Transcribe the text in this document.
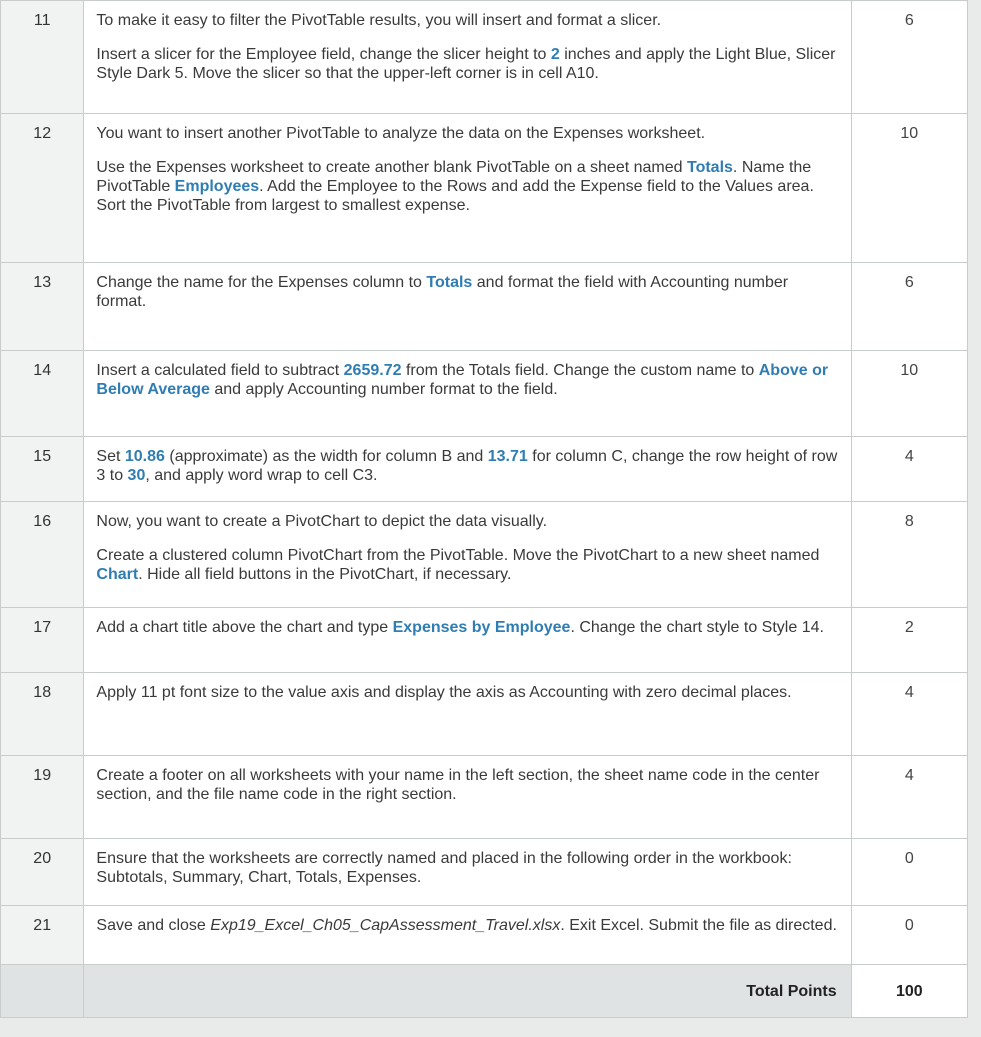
11	To make it easy to filter the PivotTable results, you will insert and format a slicer.

Insert a slicer for the Employee field, change the slicer height to 2 inches and apply the Light Blue, Slicer Style Dark 5. Move the slicer so that the upper-left corner is in cell A10.	6
12	You want to insert another PivotTable to analyze the data on the Expenses worksheet.

Use the Expenses worksheet to create another blank PivotTable on a sheet named Totals. Name the PivotTable Employees. Add the Employee to the Rows and add the Expense field to the Values area. Sort the PivotTable from largest to smallest expense.	10
13	Change the name for the Expenses column to Totals and format the field with Accounting number format.	6
14	Insert a calculated field to subtract 2659.72 from the Totals field. Change the custom name to Above or Below Average and apply Accounting number format to the field.	10
15	Set 10.86 (approximate) as the width for column B and 13.71 for column C, change the row height of row 3 to 30, and apply word wrap to cell C3.	4
16	Now, you want to create a PivotChart to depict the data visually.

Create a clustered column PivotChart from the PivotTable. Move the PivotChart to a new sheet named Chart. Hide all field buttons in the PivotChart, if necessary.	8
17	Add a chart title above the chart and type Expenses by Employee. Change the chart style to Style 14.	2
18	Apply 11 pt font size to the value axis and display the axis as Accounting with zero decimal places.	4
19	Create a footer on all worksheets with your name in the left section, the sheet name code in the center section, and the file name code in the right section.	4
20	Ensure that the worksheets are correctly named and placed in the following order in the workbook: Subtotals, Summary, Chart, Totals, Expenses.	0
21	Save and close Exp19_Excel_Ch05_CapAssessment_Travel.xlsx. Exit Excel. Submit the file as directed.	0
	Total Points	100
